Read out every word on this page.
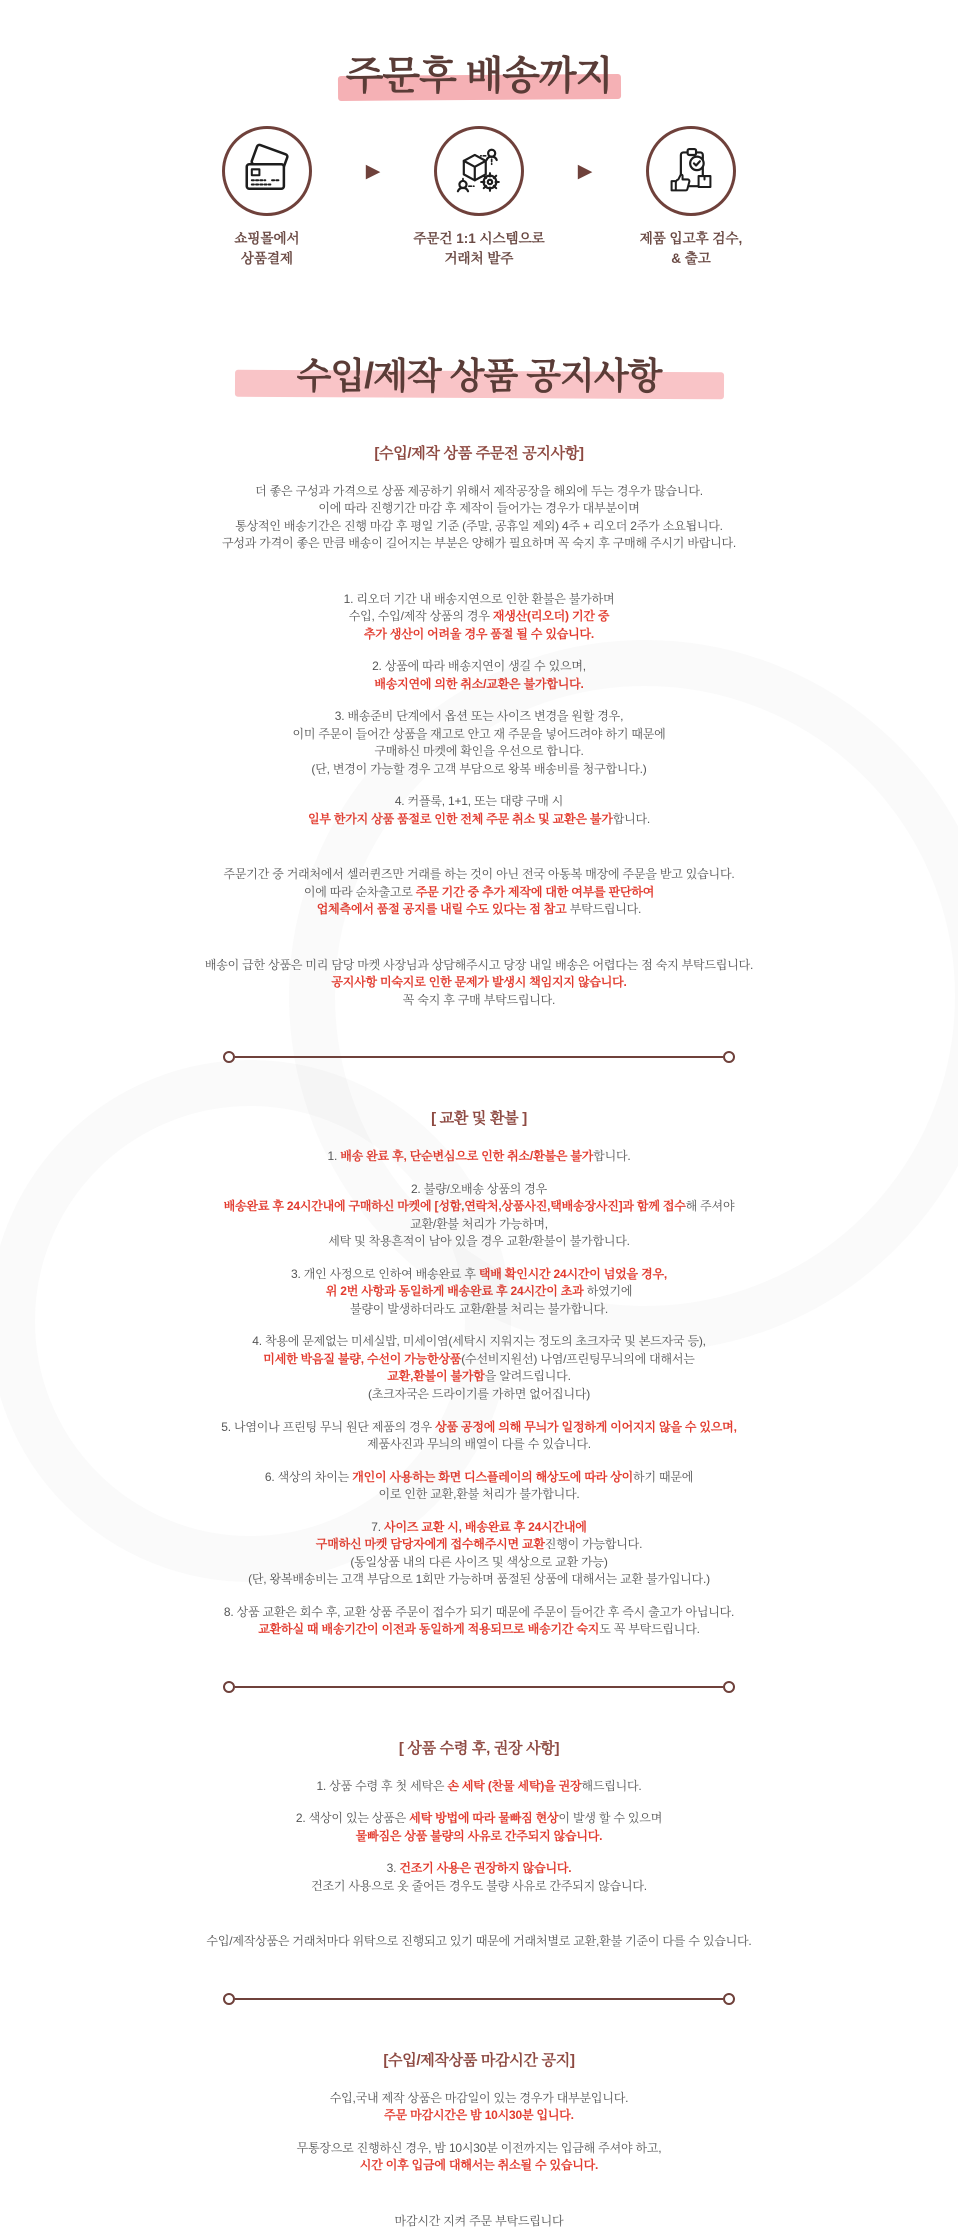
주문후 배송까지
쇼핑몰에서
상품결제
▶
주문건 1:1 시스템으로
거래처 발주
▶
제품 입고후 검수,
& 출고
수입/제작 상품 공지사항
[수입/제작 상품 주문전 공지사항]
더 좋은 구성과 가격으로 상품 제공하기 위해서 제작공장을 해외에 두는 경우가 많습니다.
이에 따라 진행기간 마감 후 제작이 들어가는 경우가 대부분이며
통상적인 배송기간은 진행 마감 후 평일 기준 (주말, 공휴일 제외) 4주 + 리오더 2주가 소요됩니다.
구성과 가격이 좋은 만큼 배송이 길어지는 부분은 양해가 필요하며 꼭 숙지 후 구매해 주시기 바랍니다.
1. 리오더 기간 내 배송지연으로 인한 환불은 불가하며
수입, 수입/제작 상품의 경우 재생산(리오더) 기간 중
추가 생산이 어려울 경우 품절 될 수 있습니다.
2. 상품에 따라 배송지연이 생길 수 있으며,
배송지연에 의한 취소/교환은 불가합니다.
3. 배송준비 단계에서 옵션 또는 사이즈 변경을 원할 경우,
이미 주문이 들어간 상품을 재고로 안고 재 주문을 넣어드려야 하기 때문에
구매하신 마켓에 확인을 우선으로 합니다.
(단, 변경이 가능할 경우 고객 부담으로 왕복 배송비를 청구합니다.)
4. 커플룩, 1+1, 또는 대량 구매 시
일부 한가지 상품 품절로 인한 전체 주문 취소 및 교환은 불가합니다.
주문기간 중 거래처에서 셀러퀸즈만 거래를 하는 것이 아닌 전국 아동복 매장에 주문을 받고 있습니다.
이에 따라 순차출고로 주문 기간 중 추가 제작에 대한 여부를 판단하여
업체측에서 품절 공지를 내릴 수도 있다는 점 참고 부탁드립니다.
배송이 급한 상품은 미리 담당 마켓 사장님과 상담해주시고 당장 내일 배송은 어렵다는 점 숙지 부탁드립니다.
공지사항 미숙지로 인한 문제가 발생시 책임지지 않습니다.
꼭 숙지 후 구매 부탁드립니다.
[ 교환 및 환불 ]
1. 배송 완료 후, 단순변심으로 인한 취소/환불은 불가합니다.
2. 불량/오배송 상품의 경우
배송완료 후 24시간내에 구매하신 마켓에 [성함,연락처,상품사진,택배송장사진]과 함께 접수해 주셔야
교환/환불 처리가 가능하며,
세탁 및 착용흔적이 남아 있을 경우 교환/환불이 불가합니다.
3. 개인 사정으로 인하여 배송완료 후 택배 확인시간 24시간이 넘었을 경우,
위 2번 사항과 동일하게 배송완료 후 24시간이 초과 하였기에
불량이 발생하더라도 교환/환불 처리는 불가합니다.
4. 착용에 문제없는 미세실밥, 미세이염(세탁시 지워지는 정도의 초크자국 및 본드자국 등),
미세한 박음질 불량, 수선이 가능한상품(수선비지원선) 나염/프린팅무늬의에 대해서는
교환,환불이 불가함을 알려드립니다.
(초크자국은 드라이기를 가하면 없어집니다)
5. 나염이나 프린팅 무늬 원단 제품의 경우 상품 공정에 의해 무늬가 일정하게 이어지지 않을 수 있으며,
제품사진과 무늬의 배열이 다를 수 있습니다.
6. 색상의 차이는 개인이 사용하는 화면 디스플레이의 해상도에 따라 상이하기 때문에
이로 인한 교환,환불 처리가 불가합니다.
7. 사이즈 교환 시, 배송완료 후 24시간내에
구매하신 마켓 담당자에게 접수해주시면 교환진행이 가능합니다.
(동일상품 내의 다른 사이즈 및 색상으로 교환 가능)
(단, 왕복배송비는 고객 부담으로 1회만 가능하며 품절된 상품에 대해서는 교환 불가입니다.)
8. 상품 교환은 회수 후, 교환 상품 주문이 접수가 되기 때문에 주문이 들어간 후 즉시 출고가 아닙니다.
교환하실 때 배송기간이 이전과 동일하게 적용되므로 배송기간 숙지도 꼭 부탁드립니다.
[ 상품 수령 후, 권장 사항]
1. 상품 수령 후 첫 세탁은 손 세탁 (찬물 세탁)을 권장해드립니다.
2. 색상이 있는 상품은 세탁 방법에 따라 물빠짐 현상이 발생 할 수 있으며
물빠짐은 상품 불량의 사유로 간주되지 않습니다.
3. 건조기 사용은 권장하지 않습니다.
건조기 사용으로 옷 줄어든 경우도 불량 사유로 간주되지 않습니다.
수입/제작상품은 거래처마다 위탁으로 진행되고 있기 때문에 거래처별로 교환,환불 기준이 다를 수 있습니다.
[수입/제작상품 마감시간 공지]
수입,국내 제작 상품은 마감일이 있는 경우가 대부분입니다.
주문 마감시간은 밤 10시30분 입니다.
무통장으로 진행하신 경우, 밤 10시30분 이전까지는 입금해 주셔야 하고,
시간 이후 입금에 대해서는 취소될 수 있습니다.
마감시간 지켜 주문 부탁드립니다
